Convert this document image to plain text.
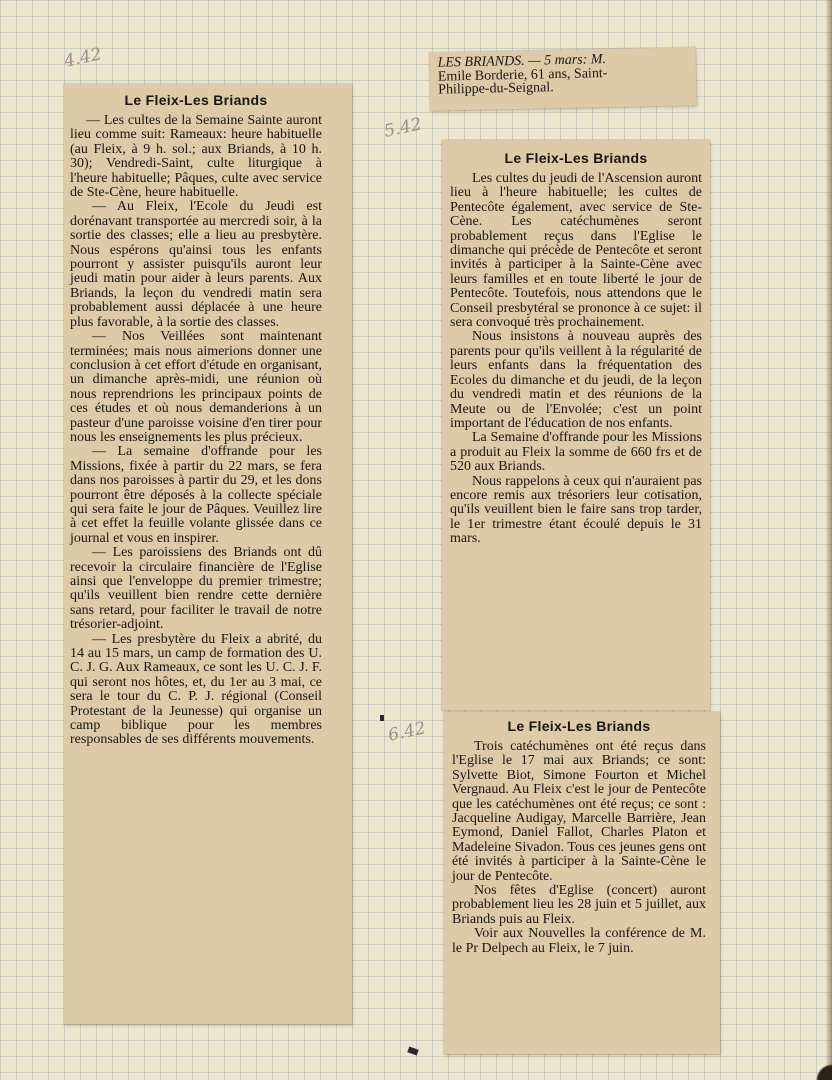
4.42
5.42
6.42

LES BRIANDS. — 5 mars: M.

Emile Borderie, 61 ans, Saint-

Philippe-du-Seignal.

Le Fleix-Les Briands

— Les cultes de la Semaine Sainte auront lieu comme suit: Rameaux: heure habituelle (au Fleix, à 9 h. sol.; aux Briands, à 10 h. 30); Vendredi-Saint, culte liturgique à l'heure habituelle; Pâques, culte avec service de Ste-Cène, heure habituelle.

— Au Fleix, l'Ecole du Jeudi est dorénavant transportée au mercredi soir, à la sortie des classes; elle a lieu au presbytère. Nous espérons qu'ainsi tous les enfants pourront y assister puisqu'ils auront leur jeudi matin pour aider à leurs parents. Aux Briands, la leçon du vendredi matin sera probablement aussi déplacée à une heure plus favorable, à la sortie des classes.

— Nos Veillées sont maintenant terminées; mais nous aimerions donner une conclusion à cet effort d'étude en organisant, un dimanche après-midi, une réunion où nous reprendrions les principaux points de ces études et où nous demanderions à un pasteur d'une paroisse voisine d'en tirer pour nous les enseignements les plus précieux.

— La semaine d'offrande pour les Missions, fixée à partir du 22 mars, se fera dans nos paroisses à partir du 29, et les dons pourront être déposés à la collecte spéciale qui sera faite le jour de Pâques. Veuillez lire à cet effet la feuille volante glissée dans ce journal et vous en inspirer.

— Les paroissiens des Briands ont dû recevoir la circulaire financière de l'Eglise ainsi que l'enveloppe du premier trimestre; qu'ils veuillent bien rendre cette dernière sans retard, pour faciliter le travail de notre trésorier-adjoint.

— Les presbytère du Fleix a abrité, du 14 au 15 mars, un camp de formation des U. C. J. G. Aux Rameaux, ce sont les U. C. J. F. qui seront nos hôtes, et, du 1er au 3 mai, ce sera le tour du C. P. J. régional (Conseil Protestant de la Jeunesse) qui organise un camp biblique pour les membres responsables de ses différents mouvements.

Le Fleix-Les Briands

Les cultes du jeudi de l'Ascension auront lieu à l'heure habituelle; les cultes de Pentecôte également, avec service de Ste-Cène. Les catéchumènes seront probablement reçus dans l'Eglise le dimanche qui précède de Pentecôte et seront invités à participer à la Sainte-Cène avec leurs familles et en toute liberté le jour de Pentecôte. Toutefois, nous attendons que le Conseil presbytéral se prononce à ce sujet: il sera convoqué très prochainement.

Nous insistons à nouveau auprès des parents pour qu'ils veillent à la régularité de leurs enfants dans la fréquentation des Ecoles du dimanche et du jeudi, de la leçon du vendredi matin et des réunions de la Meute ou de l'Envolée; c'est un point important de l'éducation de nos enfants.

La Semaine d'offrande pour les Missions a produit au Fleix la somme de 660 frs et de 520 aux Briands.

Nous rappelons à ceux qui n'auraient pas encore remis aux trésoriers leur cotisation, qu'ils veuillent bien le faire sans trop tarder, le 1er trimestre étant écoulé depuis le 31 mars.

Le Fleix-Les Briands

Trois catéchumènes ont été reçus dans l'Eglise le 17 mai aux Briands; ce sont: Sylvette Biot, Simone Fourton et Michel Vergnaud. Au Fleix c'est le jour de Pentecôte que les catéchumènes ont été reçus; ce sont : Jacqueline Audigay, Marcelle Barrière, Jean Eymond, Daniel Fallot, Charles Platon et Madeleine Sivadon. Tous ces jeunes gens ont été invités à participer à la Sainte-Cène le jour de Pentecôte.

Nos fêtes d'Eglise (concert) auront probablement lieu les 28 juin et 5 juillet, aux Briands puis au Fleix.

Voir aux Nouvelles la conférence de M. le Pr Delpech au Fleix, le 7 juin.
